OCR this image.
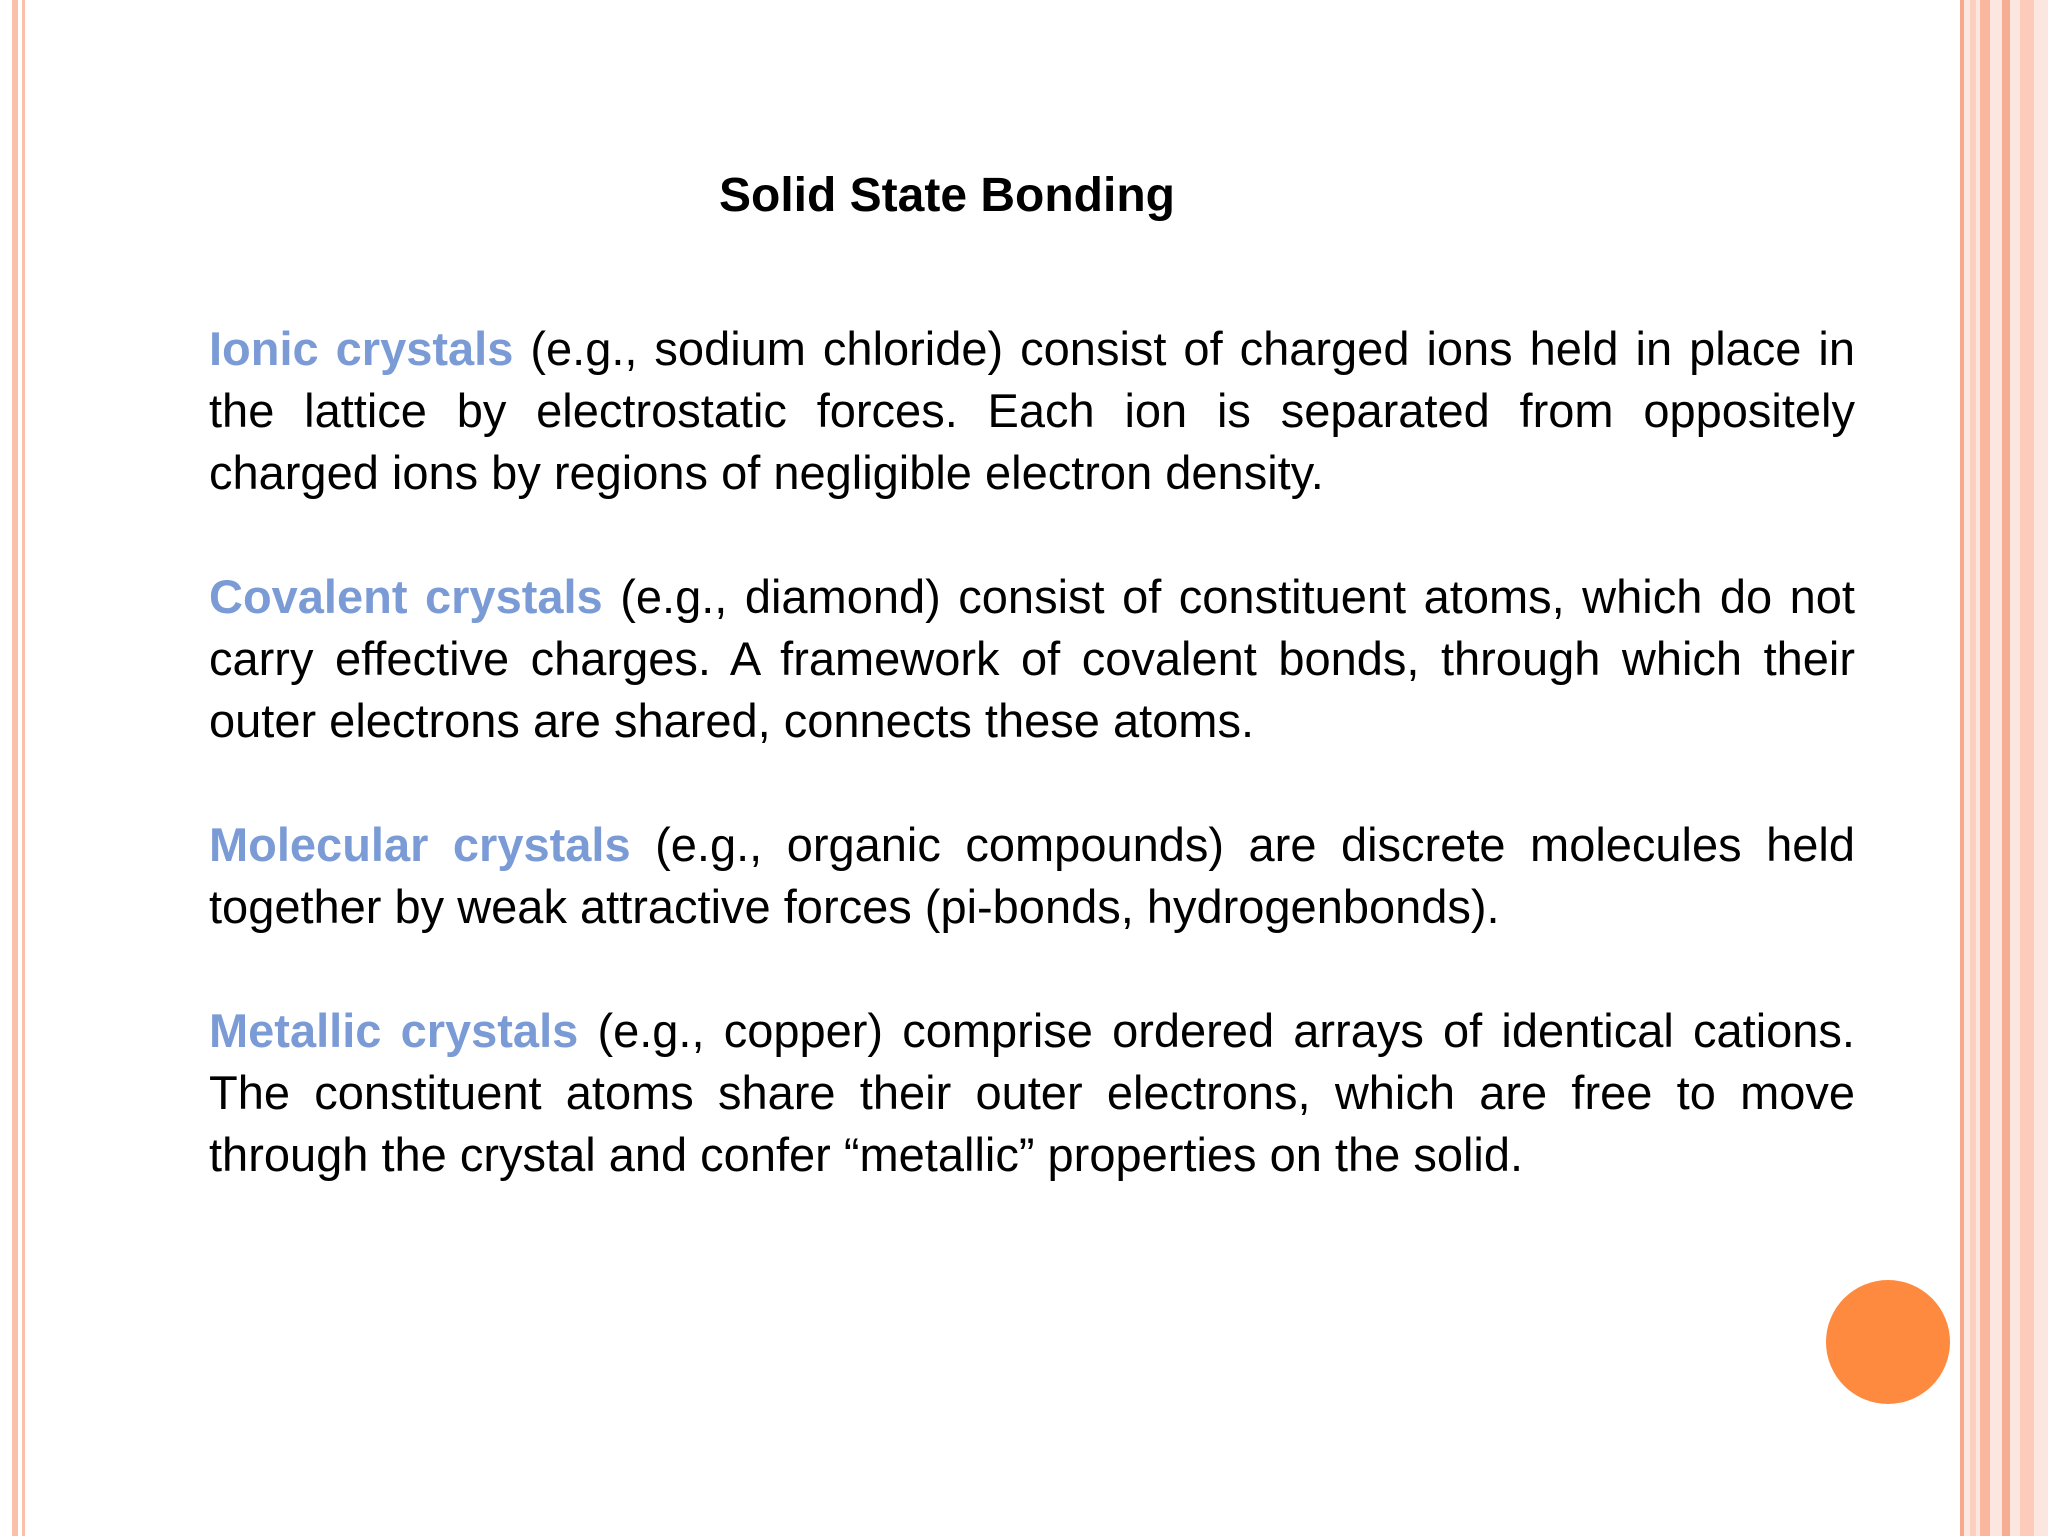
Solid State Bonding

Ionic crystals (e.g., sodium chloride) consist of charged ions held in place in the lattice by electrostatic forces. Each ion is separated from oppositely charged ions by regions of negligible electron density.

Covalent crystals (e.g., diamond) consist of constituent atoms, which do not carry effective charges. A framework of covalent bonds, through which their outer electrons are shared, connects these atoms.

Molecular crystals (e.g., organic compounds) are discrete molecules held together by weak attractive forces (pi-bonds, hydrogenbonds).

Metallic crystals (e.g., copper) comprise ordered arrays of identical cations. The constituent atoms share their outer electrons, which are free to move through the crystal and confer “metallic” properties on the solid.
